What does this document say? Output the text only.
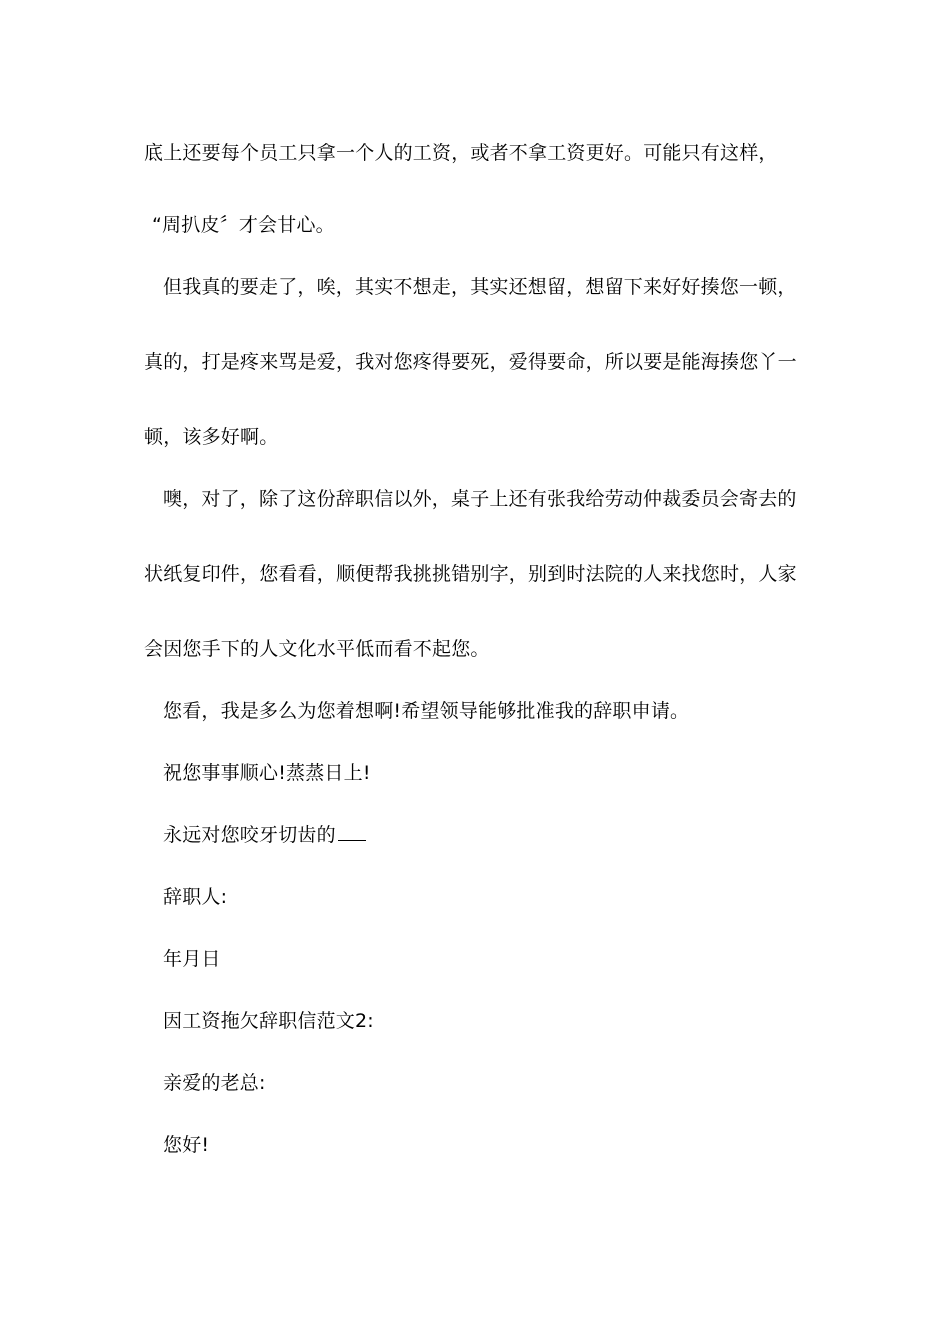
底上还要每个员工只拿一个人的工资，或者不拿工资更好。可能只有这样，
“周扒皮〞才会甘心。
但我真的要走了，唉，其实不想走，其实还想留，想留下来好好揍您一顿，
真的，打是疼来骂是爱，我对您疼得要死，爱得要命，所以要是能海揍您丫一
顿，该多好啊。
噢，对了，除了这份辞职信以外，桌子上还有张我给劳动仲裁委员会寄去的
状纸复印件，您看看，顺便帮我挑挑错别字，别到时法院的人来找您时，人家
会因您手下的人文化水平低而看不起您。
您看，我是多么为您着想啊!希望领导能够批准我的辞职申请。
祝您事事顺心!蒸蒸日上!
永远对您咬牙切齿的
辞职人:
年月日
因工资拖欠辞职信范文2:
亲爱的老总:
您好!
